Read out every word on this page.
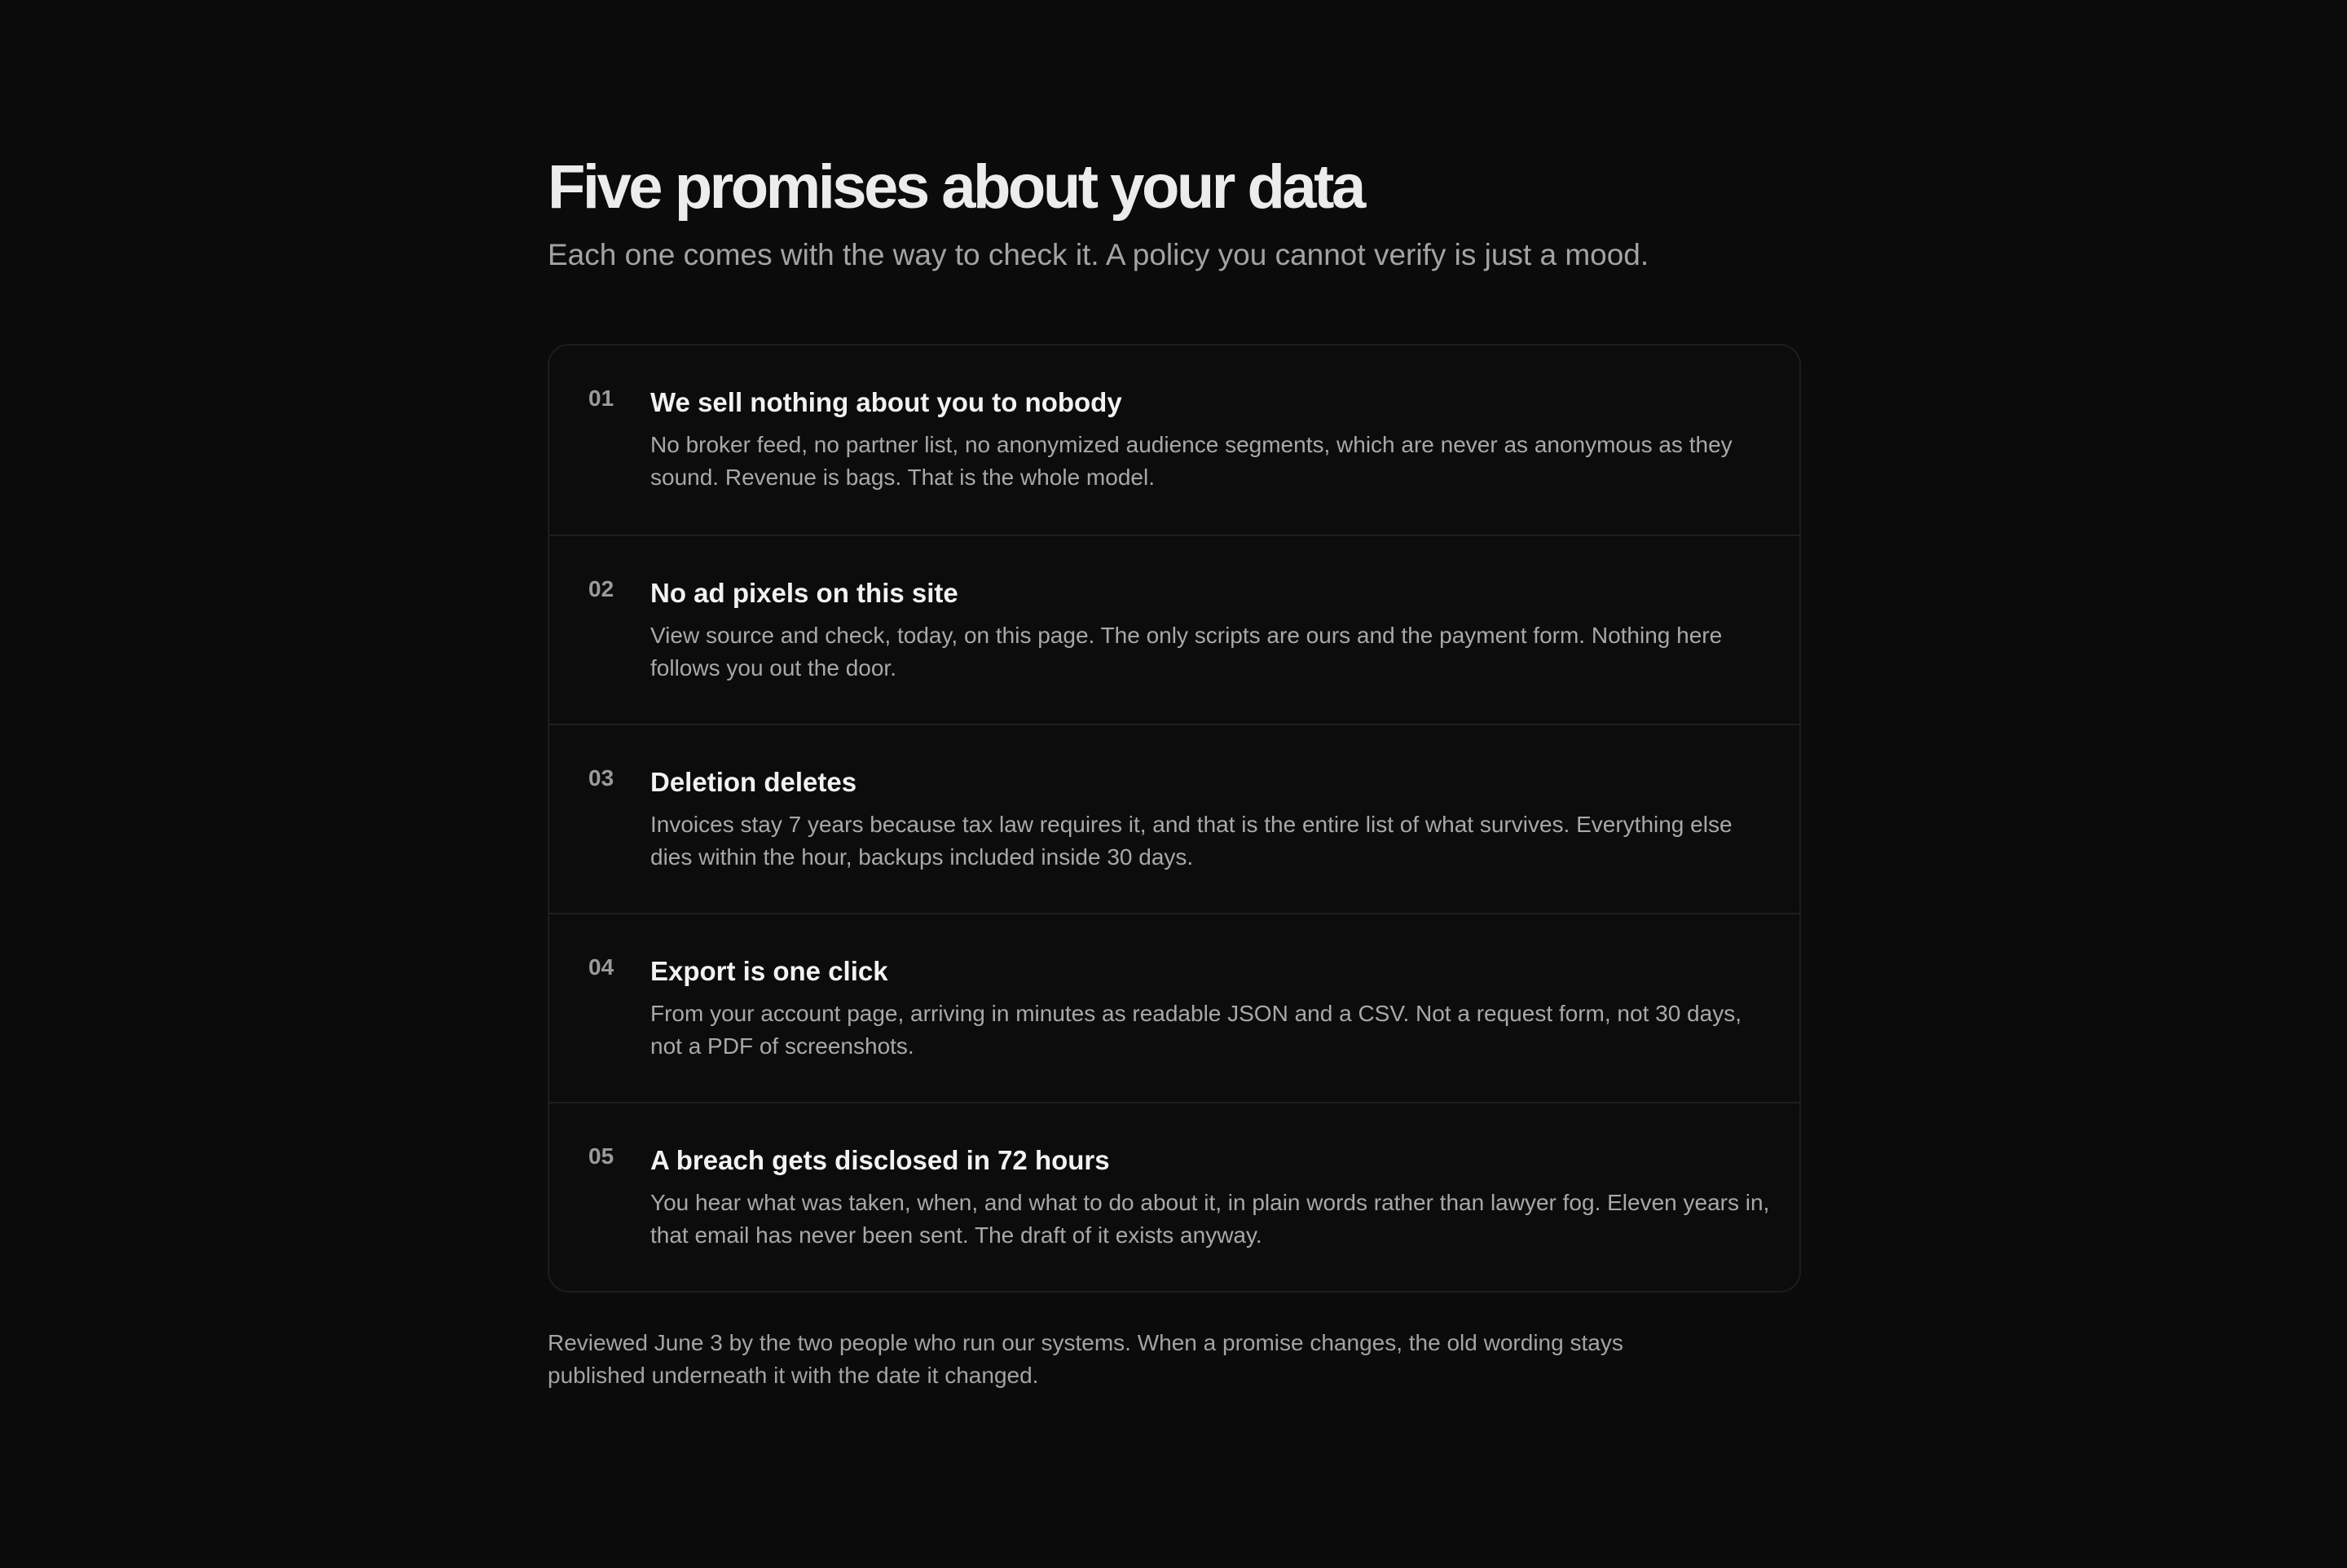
Five promises about your data

Each one comes with the way to check it. A policy you cannot verify is just a mood.

01 We sell nothing about you to nobody
No broker feed, no partner list, no anonymized audience segments, which are never as anonymous as they sound. Revenue is bags. That is the whole model.
02 No ad pixels on this site
View source and check, today, on this page. The only scripts are ours and the payment form. Nothing here follows you out the door.
03 Deletion deletes
Invoices stay 7 years because tax law requires it, and that is the entire list of what survives. Everything else dies within the hour, backups included inside 30 days.
04 Export is one click
From your account page, arriving in minutes as readable JSON and a CSV. Not a request form, not 30 days, not a PDF of screenshots.
05 A breach gets disclosed in 72 hours
You hear what was taken, when, and what to do about it, in plain words rather than lawyer fog. Eleven years in, that email has never been sent. The draft of it exists anyway.

Reviewed June 3 by the two people who run our systems. When a promise changes, the old wording stays published underneath it with the date it changed.
